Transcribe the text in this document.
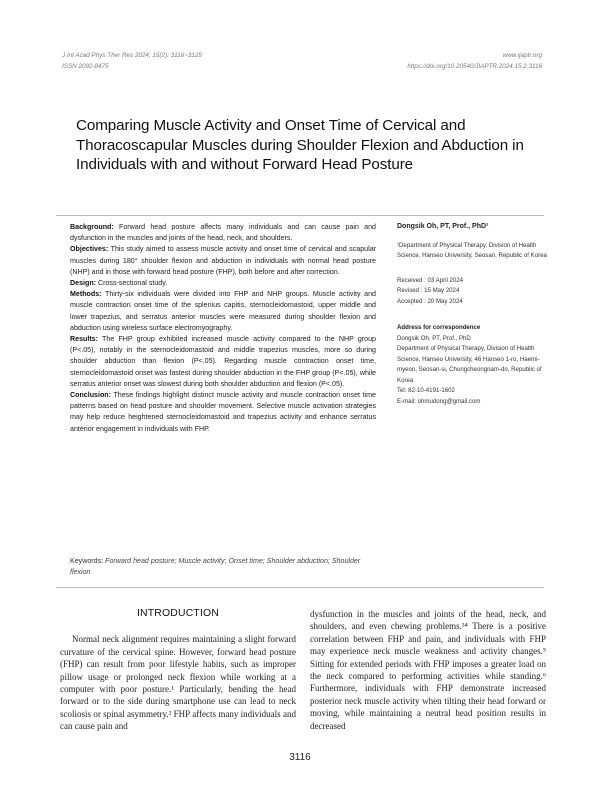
J Int Acad Phys Ther Res 2024; 15(2): 3116~3125
ISSN 2092-8475
www.ijaptr.org
https://doi.org/10.20540/JIAPTR.2024.15.2.3116
Comparing Muscle Activity and Onset Time of Cervical and Thoracoscapular Muscles during Shoulder Flexion and Abduction in Individuals with and without Forward Head Posture

Background: Forward head posture affects many individuals and can cause pain and dysfunction in the muscles and joints of the head, neck, and shoulders.

Objectives: This study aimed to assess muscle activity and onset time of cervical and scapular muscles during 180° shoulder flexion and abduction in individuals with normal head posture (NHP) and in those with forward head posture (FHP), both before and after correction.

Design: Cross-sectional study.

Methods: Thirty-six individuals were divided into FHP and NHP groups. Muscle activity and muscle contraction onset time of the splenius capitis, sternocleidomastoid, upper middle and lower trapezius, and serratus anterior muscles were measured during shoulder flexion and abduction using wireless surface electromyography.

Results: The FHP group exhibited increased muscle activity compared to the NHP group (P<.05), notably in the sternocleidomastoid and middle trapezius muscles, more so during shoulder abduction than flexion (P<.05). Regarding muscle contraction onset time, sternocleidomastoid onset was fastest during shoulder abduction in the FHP group (P<.05), while serratus anterior onset was slowest during both shoulder abduction and flexion (P<.05).

Conclusion: These findings highlight distinct muscle activity and muscle contraction onset time patterns based on head posture and shoulder movement. Selective muscle activation strategies may help reduce heightened sternocleidomastoid and trapezius activity and enhance serratus anterior engagement in individuals with FHP.

Keywords: Forward head posture; Muscle activity; Onset time; Shoulder abduction; Shoulder flexion
Dongsik Oh, PT, Prof., PhD¹
¹Department of Physical Therapy, Division of Health Science, Hanseo University, Seosan, Republic of Korea
Received : 03 April 2024
Revised : 15 May 2024
Accepted : 20 May 2024
Address for correspondence
Dongsik Oh, PT, Prof., PhD
Department of Physical Therapy, Division of Health Science, Hanseo University, 46 Hanseo 1-ro, Haemi-myeon, Seosan-si, Chungcheongnam-do, Republic of Korea
Tel: 82-10-4191-1602
E-mail: ohmudong@gmail.com
INTRODUCTION

Normal neck alignment requires maintaining a slight forward curvature of the cervical spine. However, forward head posture (FHP) can result from poor lifestyle habits, such as improper pillow usage or prolonged neck flexion while working at a computer with poor posture.¹ Particularly, bending the head forward or to the side during smartphone use can lead to neck scoliosis or spinal asymmetry.² FHP affects many individuals and can cause pain and

dysfunction in the muscles and joints of the head, neck, and shoulders, and even chewing problems.³⁴ There is a positive correlation between FHP and pain, and individuals with FHP may experience neck muscle weakness and activity changes.⁵ Sitting for extended periods with FHP imposes a greater load on the neck compared to performing activities while standing.⁶ Furthermore, individuals with FHP demonstrate increased posterior neck muscle activity when tilting their head forward or moving, while maintaining a neutral head position results in decreased

3116
